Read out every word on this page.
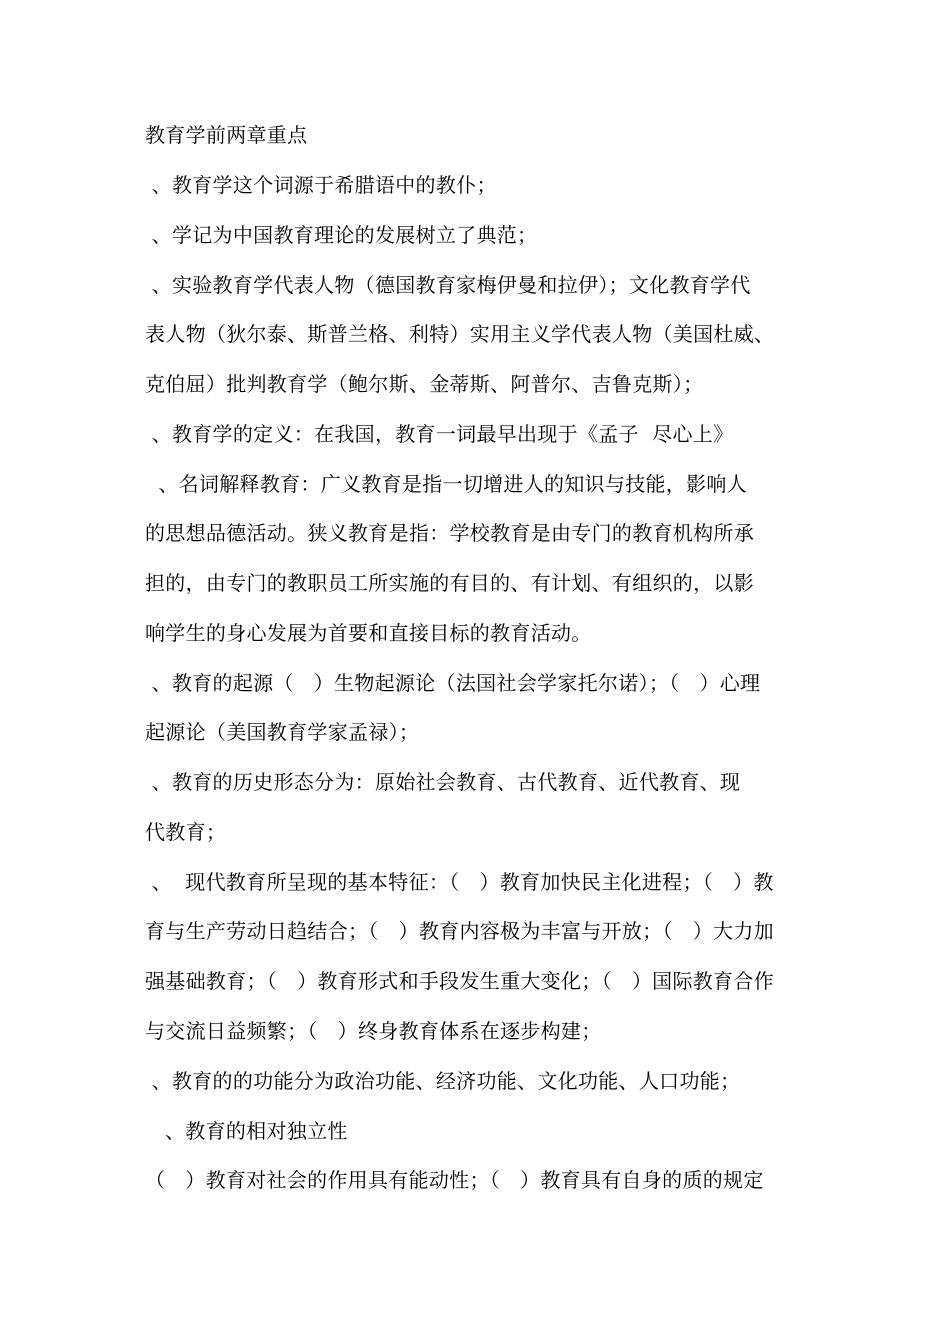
教育学前两章重点
、教育学这个词源于希腊语中的教仆；
、学记为中国教育理论的发展树立了典范；
、实验教育学代表人物（德国教育家梅伊曼和拉伊）；文化教育学代
表人物（狄尔泰、斯普兰格、利特）实用主义学代表人物（美国杜威、
克伯屈）批判教育学（鲍尔斯、金蒂斯、阿普尔、吉鲁克斯）；
、教育学的定义：在我国，教育一词最早出现于《孟子  尽心上》
、名词解释教育：广义教育是指一切增进人的知识与技能，影响人
的思想品德活动。狭义教育是指：学校教育是由专门的教育机构所承
担的，由专门的教职员工所实施的有目的、有计划、有组织的，以影
响学生的身心发展为首要和直接目标的教育活动。
、教育的起源（   ）生物起源论（法国社会学家托尔诺）；（   ）心理
起源论（美国教育学家孟禄）；
、教育的历史形态分为：原始社会教育、古代教育、近代教育、现
代教育；
、  现代教育所呈现的基本特征：（   ）教育加快民主化进程；（   ）教
育与生产劳动日趋结合；（   ）教育内容极为丰富与开放；（   ）大力加
强基础教育；（   ）教育形式和手段发生重大变化；（   ）国际教育合作
与交流日益频繁；（   ）终身教育体系在逐步构建；
、教育的的功能分为政治功能、经济功能、文化功能、人口功能；
、教育的相对独立性
（   ）教育对社会的作用具有能动性；（   ）教育具有自身的质的规定
